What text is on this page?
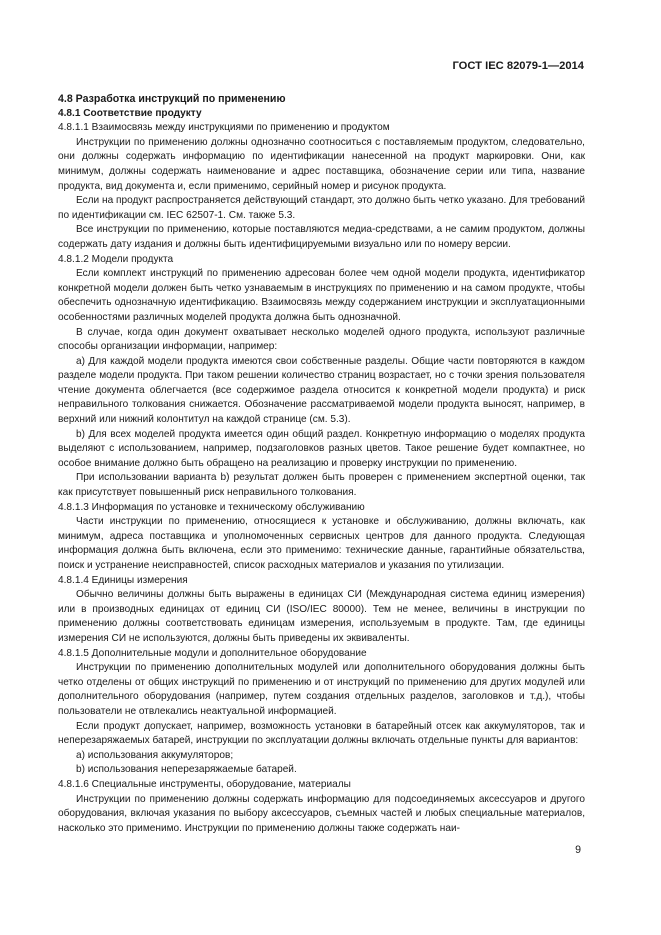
ГОСТ IEC 82079-1—2014

4.8 Разработка инструкций по применению

4.8.1 Соответствие продукту

4.8.1.1 Взаимосвязь между инструкциями по применению и продуктом

Инструкции по применению должны однозначно соотноситься с поставляемым продуктом, следовательно, они должны содержать информацию по идентификации нанесенной на продукт маркировки. Они, как минимум, должны содержать наименование и адрес поставщика, обозначение серии или типа, название продукта, вид документа и, если применимо, серийный номер и рисунок продукта.

Если на продукт распространяется действующий стандарт, это должно быть четко указано. Для требований по идентификации см. IEC 62507-1. См. также 5.3.

Все инструкции по применению, которые поставляются медиа-средствами, а не самим продуктом, должны содержать дату издания и должны быть идентифицируемыми визуально или по номеру версии.

4.8.1.2 Модели продукта

Если комплект инструкций по применению адресован более чем одной модели продукта, идентификатор конкретной модели должен быть четко узнаваемым в инструкциях по применению и на самом продукте, чтобы обеспечить однозначную идентификацию. Взаимосвязь между содержанием инструкции и эксплуатационными особенностями различных моделей продукта должна быть однозначной.

В случае, когда один документ охватывает несколько моделей одного продукта, используют различные способы организации информации, например:

a) Для каждой модели продукта имеются свои собственные разделы. Общие части повторяются в каждом разделе модели продукта. При таком решении количество страниц возрастает, но с точки зрения пользователя чтение документа облегчается (все содержимое раздела относится к конкретной модели продукта) и риск неправильного толкования снижается. Обозначение рассматриваемой модели продукта выносят, например, в верхний или нижний колонтитул на каждой странице (см. 5.3).

b) Для всех моделей продукта имеется один общий раздел. Конкретную информацию о моделях продукта выделяют с использованием, например, подзаголовков разных цветов. Такое решение будет компактнее, но особое внимание должно быть обращено на реализацию и проверку инструкции по применению.

При использовании варианта b) результат должен быть проверен с применением экспертной оценки, так как присутствует повышенный риск неправильного толкования.

4.8.1.3 Информация по установке и техническому обслуживанию

Части инструкции по применению, относящиеся к установке и обслуживанию, должны включать, как минимум, адреса поставщика и уполномоченных сервисных центров для данного продукта. Следующая информация должна быть включена, если это применимо: технические данные, гарантийные обязательства, поиск и устранение неисправностей, список расходных материалов и указания по утилизации.

4.8.1.4 Единицы измерения

Обычно величины должны быть выражены в единицах СИ (Международная система единиц измерения) или в производных единицах от единиц СИ (ISO/IEC 80000). Тем не менее, величины в инструкции по применению должны соответствовать единицам измерения, используемым в продукте. Там, где единицы измерения СИ не используются, должны быть приведены их эквиваленты.

4.8.1.5 Дополнительные модули и дополнительное оборудование

Инструкции по применению дополнительных модулей или дополнительного оборудования должны быть четко отделены от общих инструкций по применению и от инструкций по применению для других модулей или дополнительного оборудования (например, путем создания отдельных разделов, заголовков и т.д.), чтобы пользователи не отвлекались неактуальной информацией.

Если продукт допускает, например, возможность установки в батарейный отсек как аккумуляторов, так и неперезаряжаемых батарей, инструкции по эксплуатации должны включать отдельные пункты для вариантов:

a) использования аккумуляторов;

b) использования неперезаряжаемые батарей.

4.8.1.6 Специальные инструменты, оборудование, материалы

Инструкции по применению должны содержать информацию для подсоединяемых аксессуаров и другого оборудования, включая указания по выбору аксессуаров, съемных частей и любых специальные материалов, насколько это применимо. Инструкции по применению должны также содержать наи-

9
